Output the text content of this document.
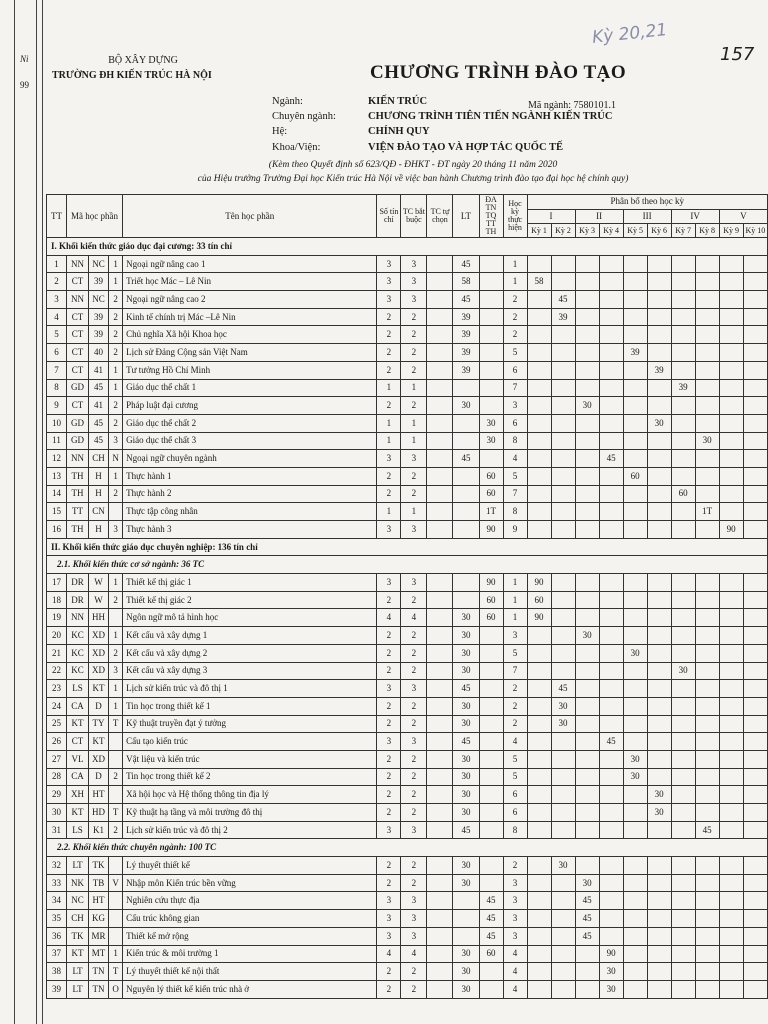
Ni
99
Kỳ 20,21
157
BỘ XÂY DỰNG
TRƯỜNG ĐH KIẾN TRÚC HÀ NỘI	CHƯƠNG TRÌNH ĐÀO TẠO
Ngành:	KIẾN TRÚC	Mã ngành: 7580101.1
Chuyên ngành:	CHƯƠNG TRÌNH TIÊN TIẾN NGÀNH KIẾN TRÚC
Hệ:	CHÍNH QUY
Khoa/Viện:	VIỆN ĐÀO TẠO VÀ HỢP TÁC QUỐC TẾ
(Kèm theo Quyết định số 623/QĐ - ĐHKT - ĐT ngày 20 tháng 11 năm 2020
của Hiệu trưởng Trường Đại học Kiến trúc Hà Nội về việc ban hành Chương trình đào tạo đại học hệ chính quy)
TT	Mã học phần			Tên học phần	Số tín chỉ	TC bắt buộc	TC tự chọn	LT	ĐA TN TQ TT TH	Học kỳ thực hiện	Phân bổ theo học kỳ									
											I		II		III		IV		V	
											Kỳ 1	Kỳ 2	Kỳ 3	Kỳ 4	Kỳ 5	Kỳ 6	Kỳ 7	Kỳ 8	Kỳ 9	Kỳ 10
I. Khối kiến thức giáo dục đại cương: 33 tín chỉ																				
1	NN	NC	1	Ngoại ngữ nâng cao 1	3	3		45		1										
2	CT	39	1	Triết học Mác – Lê Nin	3	3		58		1	58									
3	NN	NC	2	Ngoại ngữ nâng cao 2	3	3		45		2		45								
4	CT	39	2	Kinh tế chính trị Mác –Lê Nin	2	2		39		2		39								
5	CT	39	2	Chủ nghĩa Xã hội Khoa học	2	2		39		2										
6	CT	40	2	Lịch sử Đảng Cộng sản Việt Nam	2	2		39		5					39					
7	CT	41	1	Tư tưởng Hồ Chí Minh	2	2		39		6						39				
8	GD	45	1	Giáo dục thể chất 1	1	1				7							39			
9	CT	41	2	Pháp luật đại cương	2	2		30		3			30							
10	GD	45	2	Giáo dục thể chất 2	1	1			30	6						30				
11	GD	45	3	Giáo dục thể chất 3	1	1			30	8								30		
12	NN	CH	N	Ngoại ngữ chuyên ngành	3	3		45		4				45						
13	TH	H	1	Thực hành 1	2	2			60	5					60					
14	TH	H	2	Thực hành 2	2	2			60	7							60			
15	TT	CN		Thực tập công nhân	1	1			1T	8								1T		
16	TH	H	3	Thực hành 3	3	3			90	9									90	
II. Khối kiến thức giáo dục chuyên nghiệp: 136 tín chỉ																				
2.1. Khối kiến thức cơ sở ngành: 36 TC																				
17	DR	W	1	Thiết kế thị giác 1	3	3			90	1	90									
18	DR	W	2	Thiết kế thị giác 2	2	2			60	1	60									
19	NN	HH		Ngôn ngữ mô tả hình học	4	4		30	60	1	90									
20	KC	XD	1	Kết cấu và xây dựng 1	2	2		30		3			30							
21	KC	XD	2	Kết cấu và xây dựng 2	2	2		30		5					30					
22	KC	XD	3	Kết cấu và xây dựng 3	2	2		30		7							30			
23	LS	KT	1	Lịch sử kiến trúc và đô thị 1	3	3		45		2		45								
24	CA	D	1	Tin học trong thiết kế 1	2	2		30		2		30								
25	KT	TY	T	Kỹ thuật truyền đạt ý tưởng	2	2		30		2		30								
26	CT	KT		Cấu tạo kiến trúc	3	3		45		4				45						
27	VL	XD		Vật liệu và kiến trúc	2	2		30		5					30					
28	CA	D	2	Tin học trong thiết kế 2	2	2		30		5					30					
29	XH	HT		Xã hội học và Hệ thống thông tin địa lý	2	2		30		6						30				
30	KT	HD	T	Kỹ thuật hạ tầng và môi trường đô thị	2	2		30		6						30				
31	LS	K1	2	Lịch sử kiến trúc và đô thị 2	3	3		45		8								45		
2.2. Khối kiến thức chuyên ngành: 100 TC																				
32	LT	TK		Lý thuyết thiết kế	2	2		30		2		30								
33	NK	TB	V	Nhập môn Kiến trúc bền vững	2	2		30		3			30							
34	NC	HT		Nghiên cứu thực địa	3	3			45	3			45							
35	CH	KG		Cấu trúc không gian	3	3			45	3			45							
36	TK	MR		Thiết kế mở rộng	3	3			45	3			45							
37	KT	MT	1	Kiến trúc & môi trường 1	4	4		30	60	4				90						
38	LT	TN	T	Lý thuyết thiết kế nội thất	2	2		30		4				30						
39	LT	TN	O	Nguyên lý thiết kế kiến trúc nhà ở	2	2		30		4				30						
